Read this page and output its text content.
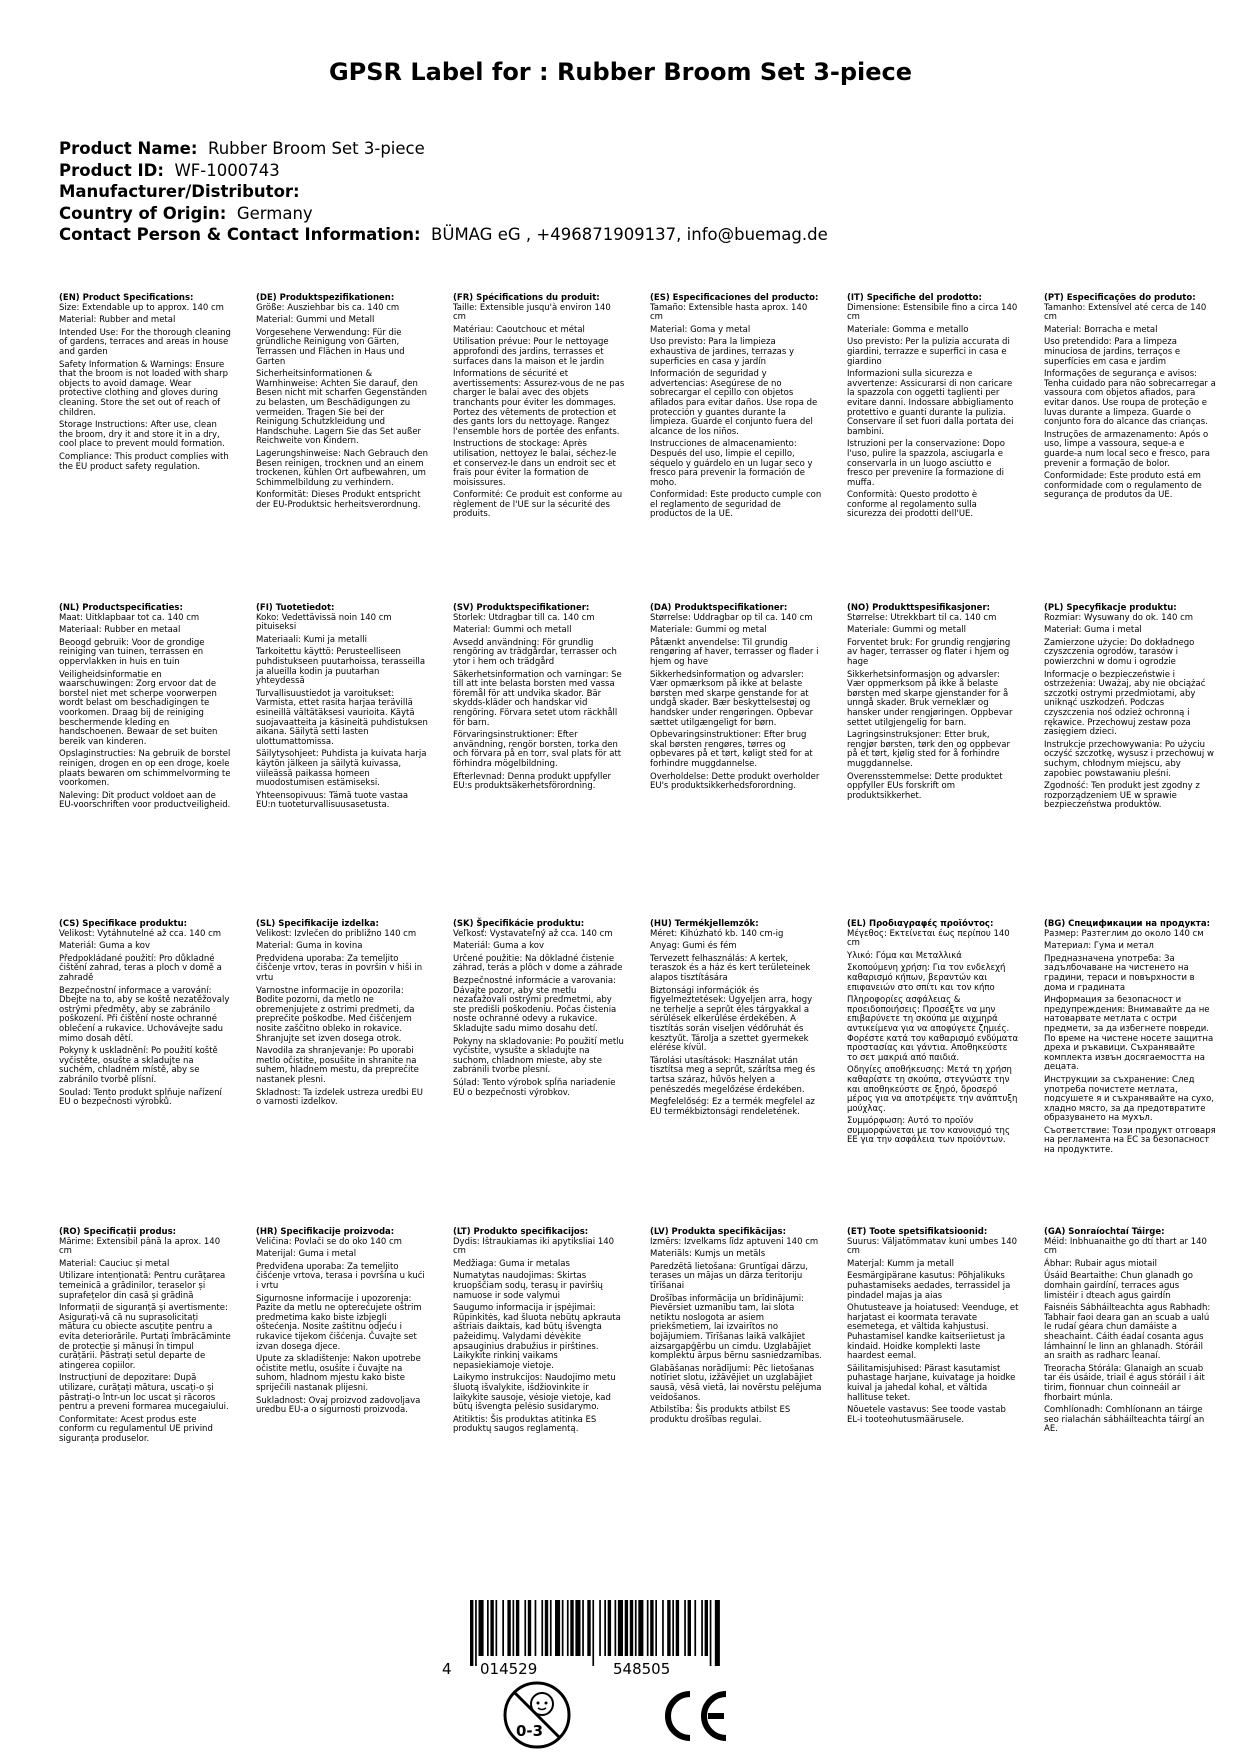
GPSR Label for : Rubber Broom Set 3-piece
Product Name: Rubber Broom Set 3-piece
Product ID: WF-1000743
Manufacturer/Distributor:
Country of Origin: Germany
Contact Person & Contact Information: BÜMAG eG , +496871909137, info@buemag.de
(EN) Product Specifications:

Size: Extendable up to approx. 140 cm

Material: Rubber and metal

Intended Use: For the thorough cleaning of gardens, terraces and areas in house and garden

Safety Information & Warnings: Ensure that the broom is not loaded with sharp objects to avoid damage. Wear protective clothing and gloves during cleaning. Store the set out of reach of children.

Storage Instructions: After use, clean the broom, dry it and store it in a dry, cool place to prevent mould formation.

Compliance: This product complies with the EU product safety regulation.

(DE) Produktspezifikationen:

Größe: Ausziehbar bis ca. 140 cm

Material: Gummi und Metall

Vorgesehene Verwendung: Für die gründliche Reinigung von Gärten, Terrassen und Flächen in Haus und Garten

Sicherheitsinformationen & Warnhinweise: Achten Sie darauf, den Besen nicht mit scharfen Gegenständen zu belasten, um Beschädigungen zu vermeiden. Tragen Sie bei der Reinigung Schutzkleidung und Handschuhe. Lagern Sie das Set außer Reichweite von Kindern.

Lagerungshinweise: Nach Gebrauch den Besen reinigen, trocknen und an einem trockenen, kühlen Ort aufbewahren, um Schimmelbildung zu verhindern.

Konformität: Dieses Produkt entspricht der EU-Produktsic herheitsverordnung.

(FR) Spécifications du produit:

Taille: Extensible jusqu'à environ 140 cm

Matériau: Caoutchouc et métal

Utilisation prévue: Pour le nettoyage approfondi des jardins, terrasses et surfaces dans la maison et le jardin

Informations de sécurité et avertissements: Assurez-vous de ne pas charger le balai avec des objets tranchants pour éviter les dommages. Portez des vêtements de protection et des gants lors du nettoyage. Rangez l'ensemble hors de portée des enfants.

Instructions de stockage: Après utilisation, nettoyez le balai, séchez-le et conservez-le dans un endroit sec et frais pour éviter la formation de moisissures.

Conformité: Ce produit est conforme au règlement de l'UE sur la sécurité des produits.

(ES) Especificaciones del producto:

Tamaño: Extensible hasta aprox. 140 cm

Material: Goma y metal

Uso previsto: Para la limpieza exhaustiva de jardines, terrazas y superficies en casa y jardín

Información de seguridad y advertencias: Asegúrese de no sobrecargar el cepillo con objetos afilados para evitar daños. Use ropa de protección y guantes durante la limpieza. Guarde el conjunto fuera del alcance de los niños.

Instrucciones de almacenamiento: Después del uso, limpie el cepillo, séquelo y guárdelo en un lugar seco y fresco para prevenir la formación de moho.

Conformidad: Este producto cumple con el reglamento de seguridad de productos de la UE.

(IT) Specifiche del prodotto:

Dimensione: Estensibile fino a circa 140 cm

Materiale: Gomma e metallo

Uso previsto: Per la pulizia accurata di giardini, terrazze e superfici in casa e giardino

Informazioni sulla sicurezza e avvertenze: Assicurarsi di non caricare la spazzola con oggetti taglienti per evitare danni. Indossare abbigliamento protettivo e guanti durante la pulizia. Conservare il set fuori dalla portata dei bambini.

Istruzioni per la conservazione: Dopo l'uso, pulire la spazzola, asciugarla e conservarla in un luogo asciutto e fresco per prevenire la formazione di muffa.

Conformità: Questo prodotto è conforme al regolamento sulla sicurezza dei prodotti dell'UE.

(PT) Especificações do produto:

Tamanho: Extensível até cerca de 140 cm

Material: Borracha e metal

Uso pretendido: Para a limpeza minuciosa de jardins, terraços e superfícies em casa e jardim

Informações de segurança e avisos: Tenha cuidado para não sobrecarregar a vassoura com objetos afiados, para evitar danos. Use roupa de proteção e luvas durante a limpeza. Guarde o conjunto fora do alcance das crianças.

Instruções de armazenamento: Após o uso, limpe a vassoura, seque-a e guarde-a num local seco e fresco, para prevenir a formação de bolor.

Conformidade: Este produto está em conformidade com o regulamento de segurança de produtos da UE.

(NL) Productspecificaties:

Maat: Uitklapbaar tot ca. 140 cm

Materiaal: Rubber en metaal

Beoogd gebruik: Voor de grondige reiniging van tuinen, terrassen en oppervlakken in huis en tuin

Veiligheidsinformatie en waarschuwingen: Zorg ervoor dat de borstel niet met scherpe voorwerpen wordt belast om beschadigingen te voorkomen. Draag bij de reiniging beschermende kleding en handschoenen. Bewaar de set buiten bereik van kinderen.

Opslaginstructies: Na gebruik de borstel reinigen, drogen en op een droge, koele plaats bewaren om schimmelvorming te voorkomen.

Naleving: Dit product voldoet aan de EU-voorschriften voor productveiligheid.

(FI) Tuotetiedot:

Koko: Vedettävissä noin 140 cm pituiseksi

Materiaali: Kumi ja metalli

Tarkoitettu käyttö: Perusteelliseen puhdistukseen puutarhoissa, terasseilla ja alueilla kodin ja puutarhan yhteydessä

Turvallisuustiedot ja varoitukset: Varmista, ettet rasita harjaa terävillä esineillä vältätäksesi vaurioita. Käytä suojavaatteita ja käsineitä puhdistuksen aikana. Säilytä setti lasten ulottumattomissa.

Säilytysohjeet: Puhdista ja kuivata harja käytön jälkeen ja säilytä kuivassa, viileässä paikassa homeen muodostumisen estämiseksi.

Yhteensopivuus: Tämä tuote vastaa EU:n tuoteturvallisuusasetusta.

(SV) Produktspecifikationer:

Storlek: Utdragbar till ca. 140 cm

Material: Gummi och metall

Avsedd användning: För grundlig rengöring av trädgårdar, terrasser och ytor i hem och trädgård

Säkerhetsinformation och varningar: Se till att inte belasta borsten med vassa föremål för att undvika skador. Bär skydds-kläder och handskar vid rengöring. Förvara setet utom räckhåll för barn.

Förvaringsinstruktioner: Efter användning, rengör borsten, torka den och förvara på en torr, sval plats för att förhindra mögelbildning.

Efterlevnad: Denna produkt uppfyller EU:s produktsäkerhetsförordning.

(DA) Produktspecifikationer:

Størrelse: Uddragbar op til ca. 140 cm

Materiale: Gummi og metal

Påtænkt anvendelse: Til grundig rengøring af haver, terrasser og flader i hjem og have

Sikkerhedsinformation og advarsler: Vær opmærksom på ikke at belaste børsten med skarpe genstande for at undgå skader. Bær beskyttelsestøj og handsker under rengøringen. Opbevar sættet utilgængeligt for børn.

Opbevaringsinstruktioner: Efter brug skal børsten rengøres, tørres og opbevares på et tørt, køligt sted for at forhindre muggdannelse.

Overholdelse: Dette produkt overholder EU's produktsikkerhedsforordning.

(NO) Produkttspesifikasjoner:

Størrelse: Utrekkbart til ca. 140 cm

Materiale: Gummi og metall

Forventet bruk: For grundig rengjøring av hager, terrasser og flater i hjem og hage

Sikkerhetsinformasjon og advarsler: Vær oppmerksom på ikke å belaste børsten med skarpe gjenstander for å unngå skader. Bruk verneklær og hansker under rengjøringen. Oppbevar settet utilgjengelig for barn.

Lagringsinstruksjoner: Etter bruk, rengjør børsten, tørk den og oppbevar på et tørt, kjølig sted for å forhindre muggdannelse.

Overensstemmelse: Dette produktet oppfyller EUs forskrift om produktsikkerhet.

(PL) Specyfikacje produktu:

Rozmiar: Wysuwany do ok. 140 cm

Materiał: Guma i metal

Zamierzone użycie: Do dokładnego czyszczenia ogrodów, tarasów i powierzchni w domu i ogrodzie

Informacje o bezpieczeństwie i ostrzeżenia: Uważaj, aby nie obciążać szczotki ostrymi przedmiotami, aby uniknąć uszkodzeń. Podczas czyszczenia noś odzież ochronną i rękawice. Przechowuj zestaw poza zasięgiem dzieci.

Instrukcje przechowywania: Po użyciu oczyść szczotkę, wysusz i przechowuj w suchym, chłodnym miejscu, aby zapobiec powstawaniu pleśni.

Zgodność: Ten produkt jest zgodny z rozporządzeniem UE w sprawie bezpieczeństwa produktów.

(CS) Specifikace produktu:

Velikost: Vytáhnutelné až cca. 140 cm

Materiál: Guma a kov

Předpokládané použití: Pro důkladné čištění zahrad, teras a ploch v domě a zahradě

Bezpečnostní informace a varování: Dbejte na to, aby se koště nezatěžovaly ostrými předměty, aby se zabránilo poškození. Při čištění noste ochranné oblečení a rukavice. Uchovávejte sadu mimo dosah dětí.

Pokyny k uskladnění: Po použití koště vyčistěte, osušte a skladujte na suchém, chladném místě, aby se zabránilo tvorbě plísní.

Soulad: Tento produkt splňuje nařízení EU o bezpečnosti výrobků.

(SL) Specifikacije izdelka:

Velikost: Izvlečen do približno 140 cm

Material: Guma in kovina

Predvidena uporaba: Za temeljito čiščenje vrtov, teras in površin v hiši in vrtu

Varnostne informacije in opozorila: Bodite pozorni, da metlo ne obremenjujete z ostrimi predmeti, da preprečite poškodbe. Med čiščenjem nosite zaščitno obleko in rokavice. Shranjujte set izven dosega otrok.

Navodila za shranjevanje: Po uporabi metlo očistite, posušite in shranite na suhem, hladnem mestu, da preprečite nastanek plesni.

Skladnost: Ta izdelek ustreza uredbi EU o varnosti izdelkov.

(SK) Špecifikácie produktu:

Veľkosť: Vystavateľný až cca. 140 cm

Materiál: Guma a kov

Určené použitie: Na dôkladné čistenie záhrad, terás a plôch v dome a záhrade

Bezpečnostné informácie a varovania: Dávajte pozor, aby ste metlu nezaťažovali ostrými predmetmi, aby ste predišli poškodeniu. Počas čistenia noste ochranné odevy a rukavice. Skladujte sadu mimo dosahu detí.

Pokyny na skladovanie: Po použití metlu vyčistite, vysušte a skladujte na suchom, chladnom mieste, aby ste zabránili tvorbe plesní.

Súlad: Tento výrobok spĺňa nariadenie EÚ o bezpečnosti výrobkov.

(HU) Termékjellemzők:

Méret: Kihúzható kb. 140 cm-ig

Anyag: Gumi és fém

Tervezett felhasználás: A kertek, teraszok és a ház és kert területeinek alapos tisztítására

Biztonsági információk és figyelmeztetések: Ügyeljen arra, hogy ne terhelje a seprűt éles tárgyakkal a sérülések elkerülése érdekében. A tisztítás során viseljen védőruhát és kesztyűt. Tárolja a szettet gyermekek elérése kívül.

Tárolási utasítások: Használat után tisztítsa meg a seprűt, szárítsa meg és tartsa száraz, hűvös helyen a penészedés megelőzése érdekében.

Megfelelőség: Ez a termék megfelel az EU termékbiztonsági rendeletének.

(EL) Προδιαγραφές προϊόντος:

Μέγεθος: Εκτείνεται έως περίπου 140 cm

Υλικό: Γόμα και Μεταλλικά

Σκοπούμενη χρήση: Για τον ενδελεχή καθαρισμό κήπων, βεραντών και επιφανειών στο σπίτι και τον κήπο

Πληροφορίες ασφάλειας & προειδοποιήσεις: Προσέξτε να μην επιβαρύνετε τη σκούπα με αιχμηρά αντικείμενα για να αποφύγετε ζημιές. Φορέστε κατά τον καθαρισμό ενδύματα προστασίας και γάντια. Αποθηκεύστε το σετ μακριά από παιδιά.

Οδηγίες αποθήκευσης: Μετά τη χρήση καθαρίστε τη σκούπα, στεγνώστε την και αποθηκεύστε σε ξηρό, δροσερό μέρος για να αποτρέψετε την ανάπτυξη μούχλας.

Συμμόρφωση: Αυτό το προϊόν συμμορφώνεται με τον κανονισμό της ΕΕ για την ασφάλεια των προϊόντων.

(BG) Спецификации на продукта:

Размер: Разтеглим до около 140 см

Материал: Гума и метал

Предназначена употреба: За задълбочаване на чистенето на градини, тераси и повърхности в дома и градината

Информация за безопасност и предупреждения: Внимавайте да не натоварвате метлата с остри предмети, за да избегнете повреди. По време на чистене носете защитна дреха и ръкавици. Съхранявайте комплекта извън досягаемостта на децата.

Инструкции за съхранение: След употреба почистете метлата, подсушете я и съхранявайте на сухо, хладно място, за да предотвратите образуването на мухъл.

Съответствие: Този продукт отговаря на регламента на ЕС за безопасност на продуктите.

(RO) Specificații produs:

Mărime: Extensibil până la aprox. 140 cm

Material: Cauciuc și metal

Utilizare intenționată: Pentru curățarea temeinică a grădinilor, teraselor și suprafețelor din casă și grădină

Informații de siguranță și avertismente: Asigurați-vă că nu suprasolicitați mătura cu obiecte ascuțite pentru a evita deteriorările. Purtați îmbrăcăminte de protecție și mănuși în timpul curățării. Păstrați setul departe de atingerea copiilor.

Instrucțiuni de depozitare: După utilizare, curățați mătura, uscați-o și păstrați-o într-un loc uscat și răcoros pentru a preveni formarea mucegaiului.

Conformitate: Acest produs este conform cu regulamentul UE privind siguranța produselor.

(HR) Specifikacije proizvoda:

Veličina: Povlači se do oko 140 cm

Materijal: Guma i metal

Predviđena uporaba: Za temeljito čišćenje vrtova, terasa i površina u kući i vrtu

Sigurnosne informacije i upozorenja: Pazite da metlu ne opterećujete oštrim predmetima kako biste izbjegli oštećenja. Nosite zaštitnu odjeću i rukavice tijekom čišćenja. Čuvajte set izvan dosega djece.

Upute za skladištenje: Nakon upotrebe očistite metlu, osušite i čuvajte na suhom, hladnom mjestu kako biste spriječili nastanak plijesni.

Sukladnost: Ovaj proizvod zadovoljava uredbu EU-a o sigurnosti proizvoda.

(LT) Produkto specifikacijos:

Dydis: Ištraukiamas iki apytiksliai 140 cm

Medžiaga: Guma ir metalas

Numatytas naudojimas: Skirtas kruopščiam sodų, terasų ir paviršių namuose ir sode valymui

Saugumo informacija ir įspėjimai: Rūpinkitės, kad šluota nebūtų apkrauta aštriais daiktais, kad būtų išvengta pažeidimų. Valydami dėvėkite apsauginius drabužius ir pirštines. Laikykite rinkinį vaikams nepasiekiamoje vietoje.

Laikymo instrukcijos: Naudojimo metu šluotą išvalykite, išdžiovinkite ir laikykite sausoje, vėsioje vietoje, kad būtų išvengta pelėsio susidarymo.

Atitiktis: Šis produktas atitinka ES produktų saugos reglamentą.

(LV) Produkta specifikācijas:

Izmērs: Izvelkams līdz aptuveni 140 cm

Materiāls: Kumjs un metāls

Paredzētā lietošana: Gruntīgai dārzu, terases un mājas un dārza teritoriju tīrīšanai

Drošības informācija un brīdinājumi: Pievērsiet uzmanību tam, lai slota netiktu noslogota ar asiem priekšmetiem, lai izvairītos no bojājumiem. Tīrīšanas laikā valkājiet aizsargapģērbu un cimdu. Uzglabājiet komplektu ārpus bērnu sasniedzamības.

Glabāšanas norādījumi: Pēc lietošanas notīriet slotu, izžāvējiet un uzglabājiet sausā, vēsā vietā, lai novērstu pelējuma veidošanos.

Atbilstība: Šis produkts atbilst ES produktu drošības regulai.

(ET) Toote spetsifikatsioonid:

Suurus: Väljatõmmatav kuni umbes 140 cm

Materjal: Kumm ja metall

Eesmärgipärane kasutus: Põhjalikuks puhastamiseks aedades, terrassidel ja pindadel majas ja aias

Ohutusteave ja hoiatused: Veenduge, et harjatast ei koormata teravate esemetega, et vältida kahjustusi. Puhastamisel kandke kaitseriietust ja kindaid. Hoidke komplekti laste haardest eemal.

Säilitamisjuhised: Pärast kasutamist puhastage harjane, kuivatage ja hoidke kuival ja jahedal kohal, et vältida hallituse teket.

Nõuetele vastavus: See toode vastab EL-i tooteohutusmäärusele.

(GA) Sonraíochtaí Táirge:

Méid: Inbhuanaithe go dtí thart ar 140 cm

Ábhar: Rubair agus miotail

Úsáid Beartaithe: Chun glanadh go domhain gairdíní, terraces agus limistéir i dteach agus gairdín

Faisnéis Sábháilteachta agus Rabhadh: Tabhair faoi deara gan an scuab a ualú le rudaí géara chun damáiste a sheachaint. Cáith éadaí cosanta agus lámhainní le linn an ghlanadh. Stóráil an sraith as radharc leanaí.

Treoracha Stórála: Glanaigh an scuab tar éis úsáide, triail é agus stóráil i áit tirim, fionnuar chun coinneáil ar fhorbairt múnla.

Comhlíonadh: Comhlíonann an táirge seo rialachán sábháilteachta táirgí an AE.

4 014529	548505
0-3
